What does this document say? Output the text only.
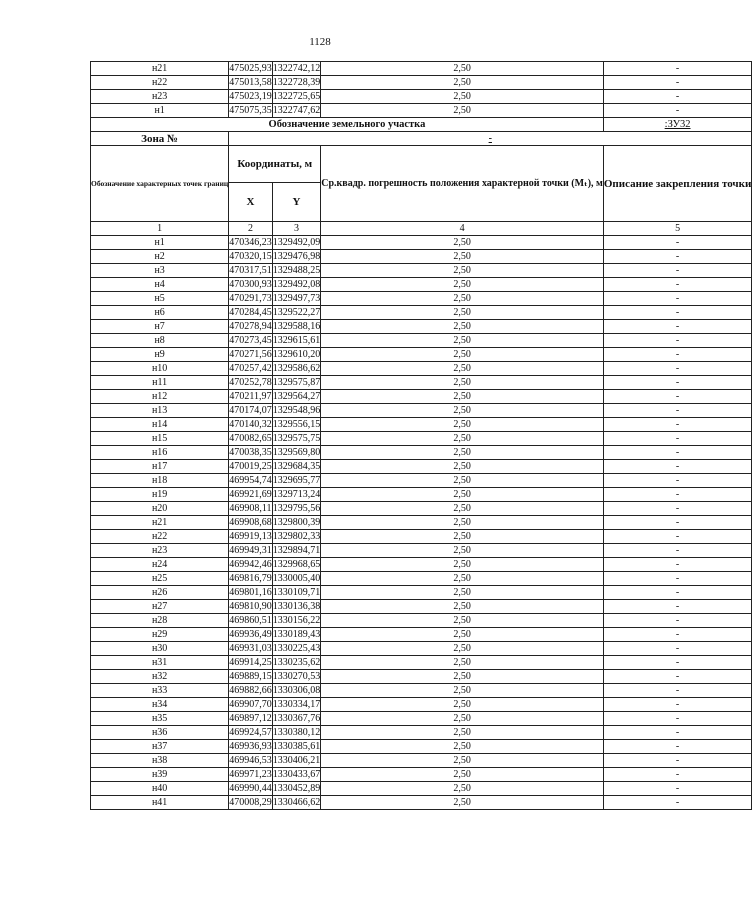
1128
н21	475025,93	1322742,12	2,50	-
н22	475013,58	1322728,39	2,50	-
н23	475023,19	1322725,65	2,50	-
н1	475075,35	1322747,62	2,50	-
Обозначение земельного участка				:ЗУ32
Зона №	-			
Обозначение характерных точек границ	Координаты, м		Ср.квадр. погрешность положения характерной точки (Mₜ), м	Описание закрепления точки
	X	Y		
1	2	3	4	5
н1	470346,23	1329492,09	2,50	-
н2	470320,15	1329476,98	2,50	-
н3	470317,51	1329488,25	2,50	-
н4	470300,93	1329492,08	2,50	-
н5	470291,73	1329497,73	2,50	-
н6	470284,45	1329522,27	2,50	-
н7	470278,94	1329588,16	2,50	-
н8	470273,45	1329615,61	2,50	-
н9	470271,56	1329610,20	2,50	-
н10	470257,42	1329586,62	2,50	-
н11	470252,78	1329575,87	2,50	-
н12	470211,97	1329564,27	2,50	-
н13	470174,07	1329548,96	2,50	-
н14	470140,32	1329556,15	2,50	-
н15	470082,65	1329575,75	2,50	-
н16	470038,35	1329569,80	2,50	-
н17	470019,25	1329684,35	2,50	-
н18	469954,74	1329695,77	2,50	-
н19	469921,69	1329713,24	2,50	-
н20	469908,11	1329795,56	2,50	-
н21	469908,68	1329800,39	2,50	-
н22	469919,13	1329802,33	2,50	-
н23	469949,31	1329894,71	2,50	-
н24	469942,46	1329968,65	2,50	-
н25	469816,79	1330005,40	2,50	-
н26	469801,16	1330109,71	2,50	-
н27	469810,90	1330136,38	2,50	-
н28	469860,51	1330156,22	2,50	-
н29	469936,49	1330189,43	2,50	-
н30	469931,03	1330225,43	2,50	-
н31	469914,25	1330235,62	2,50	-
н32	469889,15	1330270,53	2,50	-
н33	469882,66	1330306,08	2,50	-
н34	469907,70	1330334,17	2,50	-
н35	469897,12	1330367,76	2,50	-
н36	469924,57	1330380,12	2,50	-
н37	469936,93	1330385,61	2,50	-
н38	469946,53	1330406,21	2,50	-
н39	469971,23	1330433,67	2,50	-
н40	469990,44	1330452,89	2,50	-
н41	470008,29	1330466,62	2,50	-
